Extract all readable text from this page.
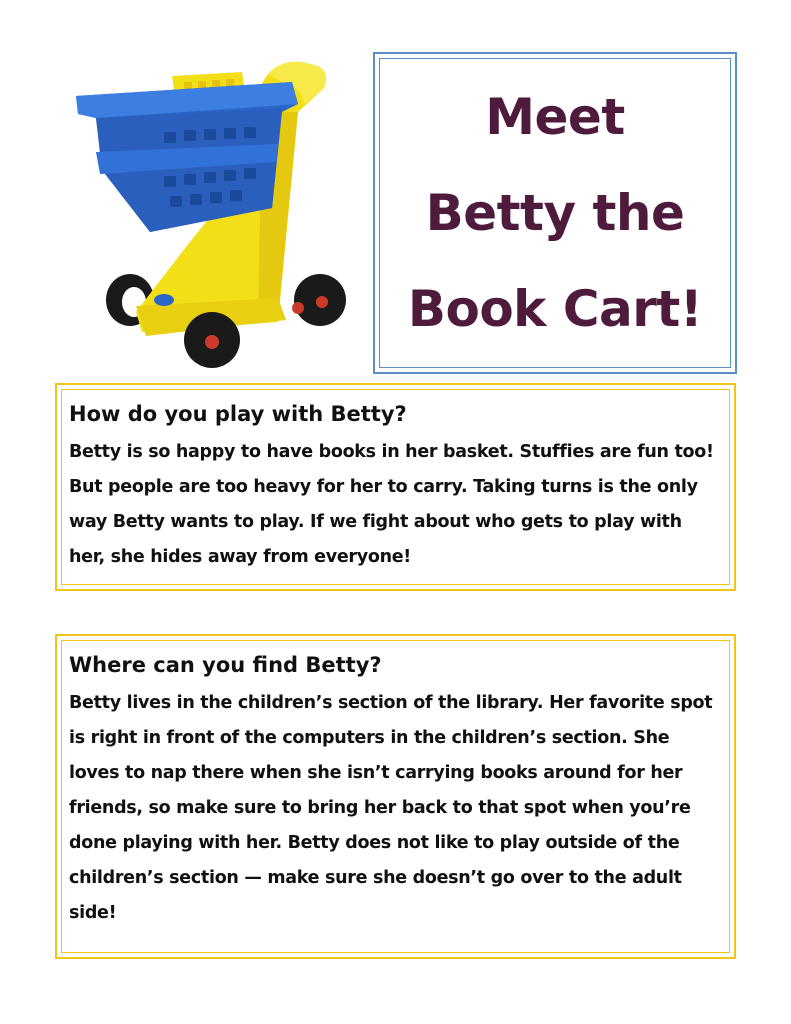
Meet
Betty the
Book Cart!
How do you play with Betty?

Betty is so happy to have books in her basket. Stuffies are fun too! But people are too heavy for her to carry. Taking turns is the only way Betty wants to play. If we fight about who gets to play with her, she hides away from everyone!

Where can you find Betty?

Betty lives in the children’s section of the library. Her favorite spot is right in front of the computers in the children’s section. She loves to nap there when she isn’t carrying books around for her friends, so make sure to bring her back to that spot when you’re done playing with her. Betty does not like to play outside of the children’s section — make sure she doesn’t go over to the adult side!
